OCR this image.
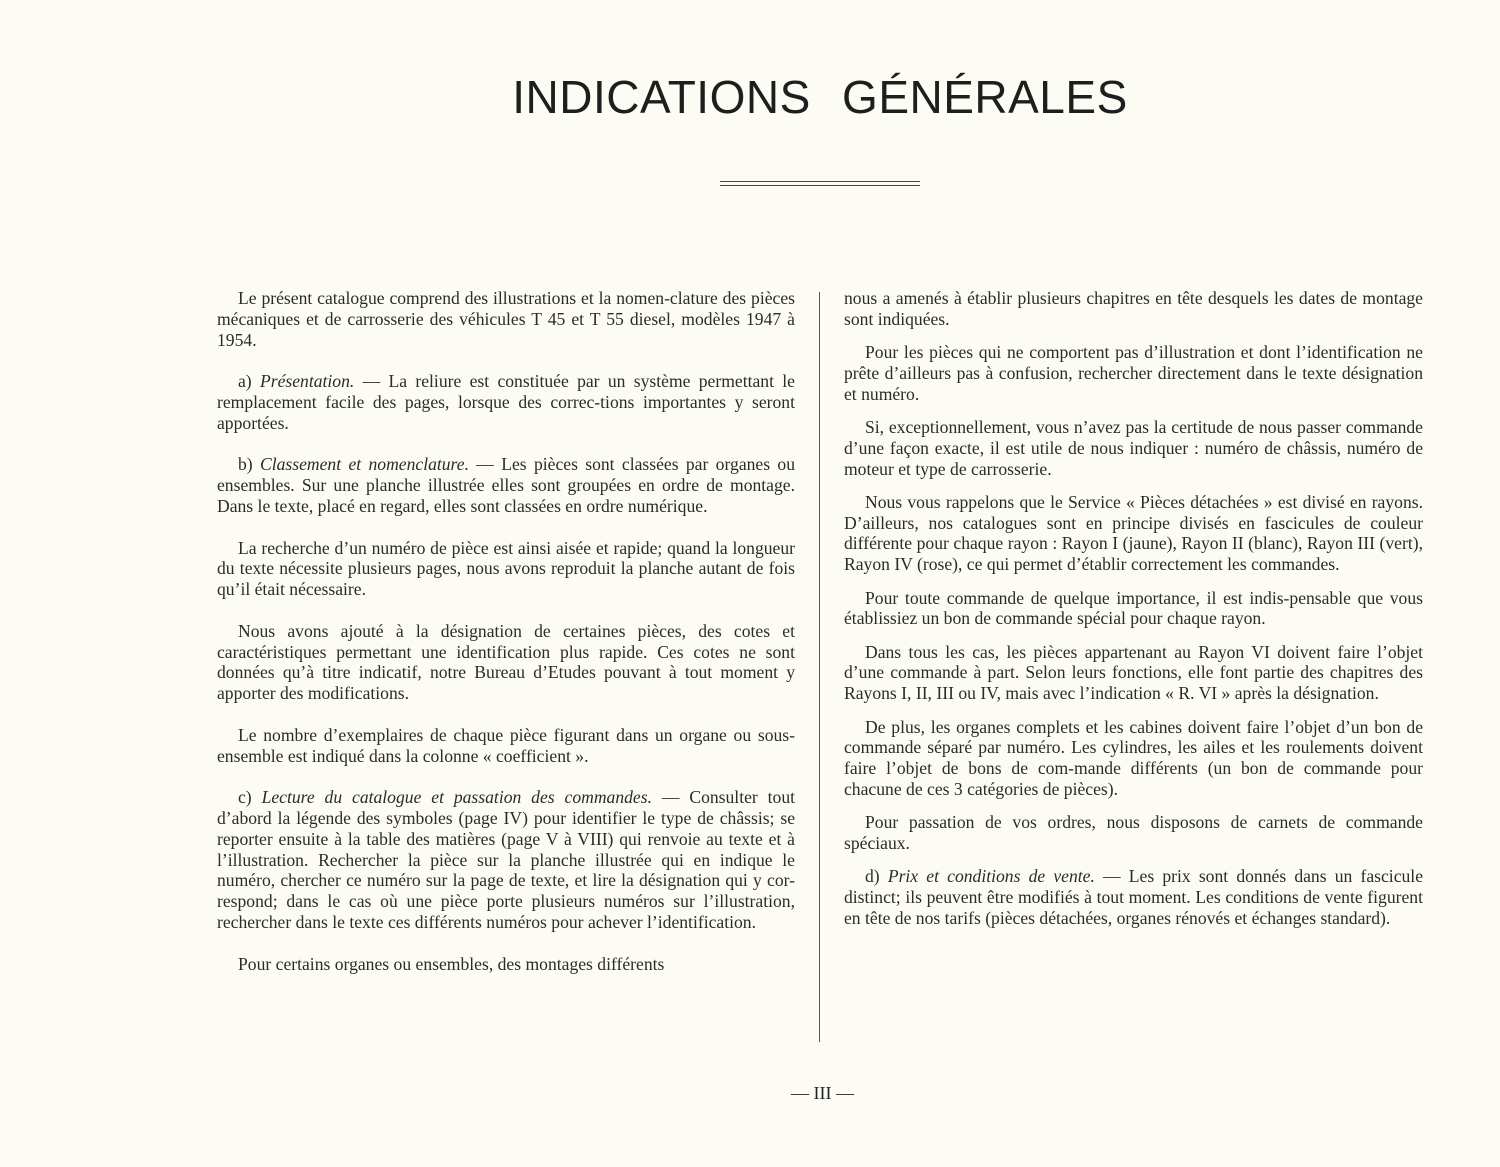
INDICATIONS GÉNÉRALES

Le présent catalogue comprend des illustrations et la nomen-clature des pièces mécaniques et de carrosserie des véhicules T 45 et T 55 diesel, modèles 1947 à 1954.

a) Présentation. — La reliure est constituée par un système permettant le remplacement facile des pages, lorsque des correc-tions importantes y seront apportées.

b) Classement et nomenclature. — Les pièces sont classées par organes ou ensembles. Sur une planche illustrée elles sont groupées en ordre de montage. Dans le texte, placé en regard, elles sont classées en ordre numérique.

La recherche d’un numéro de pièce est ainsi aisée et rapide; quand la longueur du texte nécessite plusieurs pages, nous avons reproduit la planche autant de fois qu’il était nécessaire.

Nous avons ajouté à la désignation de certaines pièces, des cotes et caractéristiques permettant une identification plus rapide. Ces cotes ne sont données qu’à titre indicatif, notre Bureau d’Etudes pouvant à tout moment y apporter des modifications.

Le nombre d’exemplaires de chaque pièce figurant dans un organe ou sous-ensemble est indiqué dans la colonne « coefficient ».

c) Lecture du catalogue et passation des commandes. — Consulter tout d’abord la légende des symboles (page IV) pour identifier le type de châssis; se reporter ensuite à la table des matières (page V à VIII) qui renvoie au texte et à l’illustration. Rechercher la pièce sur la planche illustrée qui en indique le numéro, chercher ce numéro sur la page de texte, et lire la désignation qui y cor-respond; dans le cas où une pièce porte plusieurs numéros sur l’illustration, rechercher dans le texte ces différents numéros pour achever l’identification.

Pour certains organes ou ensembles, des montages différents

nous a amenés à établir plusieurs chapitres en tête desquels les dates de montage sont indiquées.

Pour les pièces qui ne comportent pas d’illustration et dont l’identification ne prête d’ailleurs pas à confusion, rechercher directement dans le texte désignation et numéro.

Si, exceptionnellement, vous n’avez pas la certitude de nous passer commande d’une façon exacte, il est utile de nous indiquer : numéro de châssis, numéro de moteur et type de carrosserie.

Nous vous rappelons que le Service « Pièces détachées » est divisé en rayons. D’ailleurs, nos catalogues sont en principe divisés en fascicules de couleur différente pour chaque rayon : Rayon I (jaune), Rayon II (blanc), Rayon III (vert), Rayon IV (rose), ce qui permet d’établir correctement les commandes.

Pour toute commande de quelque importance, il est indis-pensable que vous établissiez un bon de commande spécial pour chaque rayon.

Dans tous les cas, les pièces appartenant au Rayon VI doivent faire l’objet d’une commande à part. Selon leurs fonctions, elle font partie des chapitres des Rayons I, II, III ou IV, mais avec l’indication « R. VI » après la désignation.

De plus, les organes complets et les cabines doivent faire l’objet d’un bon de commande séparé par numéro. Les cylindres, les ailes et les roulements doivent faire l’objet de bons de com-mande différents (un bon de commande pour chacune de ces 3 catégories de pièces).

Pour passation de vos ordres, nous disposons de carnets de commande spéciaux.

d) Prix et conditions de vente. — Les prix sont donnés dans un fascicule distinct; ils peuvent être modifiés à tout moment. Les conditions de vente figurent en tête de nos tarifs (pièces détachées, organes rénovés et échanges standard).

— III —
